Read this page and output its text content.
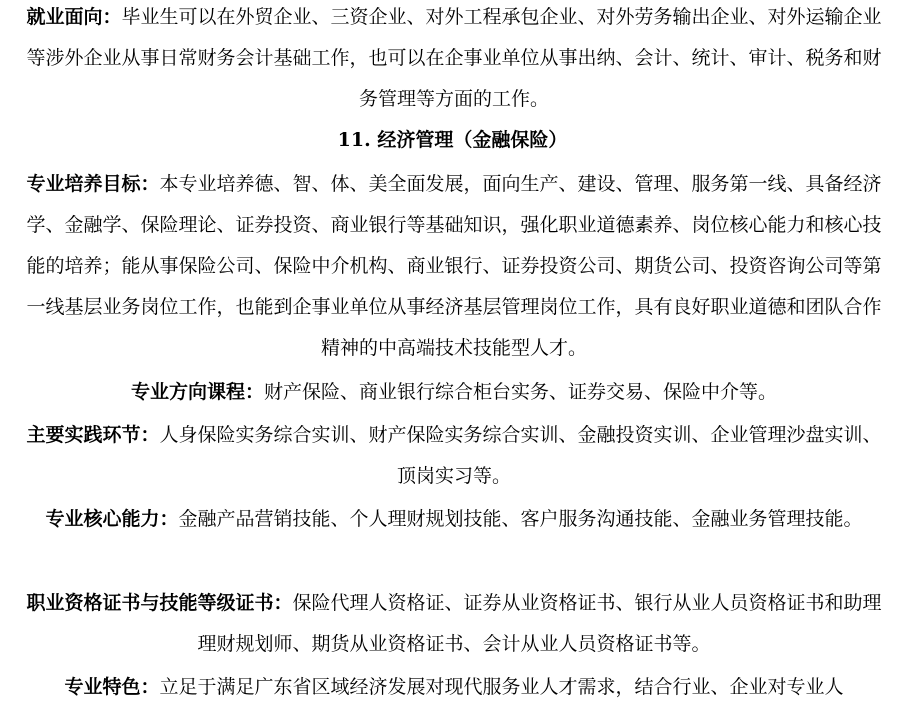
就业面向：毕业生可以在外贸企业、三资企业、对外工程承包企业、对外劳务输出企业、对外运输企业等涉外企业从事日常财务会计基础工作，也可以在企事业单位从事出纳、会计、统计、审计、税务和财务管理等方面的工作。

11. 经济管理（金融保险）

专业培养目标：本专业培养德、智、体、美全面发展，面向生产、建设、管理、服务第一线、具备经济学、金融学、保险理论、证券投资、商业银行等基础知识，强化职业道德素养、岗位核心能力和核心技能的培养；能从事保险公司、保险中介机构、商业银行、证券投资公司、期货公司、投资咨询公司等第一线基层业务岗位工作，也能到企事业单位从事经济基层管理岗位工作，具有良好职业道德和团队合作精神的中高端技术技能型人才。

专业方向课程：财产保险、商业银行综合柜台实务、证券交易、保险中介等。

主要实践环节：人身保险实务综合实训、财产保险实务综合实训、金融投资实训、企业管理沙盘实训、顶岗实习等。

专业核心能力：金融产品营销技能、个人理财规划技能、客户服务沟通技能、金融业务管理技能。

职业资格证书与技能等级证书：保险代理人资格证、证券从业资格证书、银行从业人员资格证书和助理理财规划师、期货从业资格证书、会计从业人员资格证书等。

专业特色：立足于满足广东省区域经济发展对现代服务业人才需求，结合行业、企业对专业人
